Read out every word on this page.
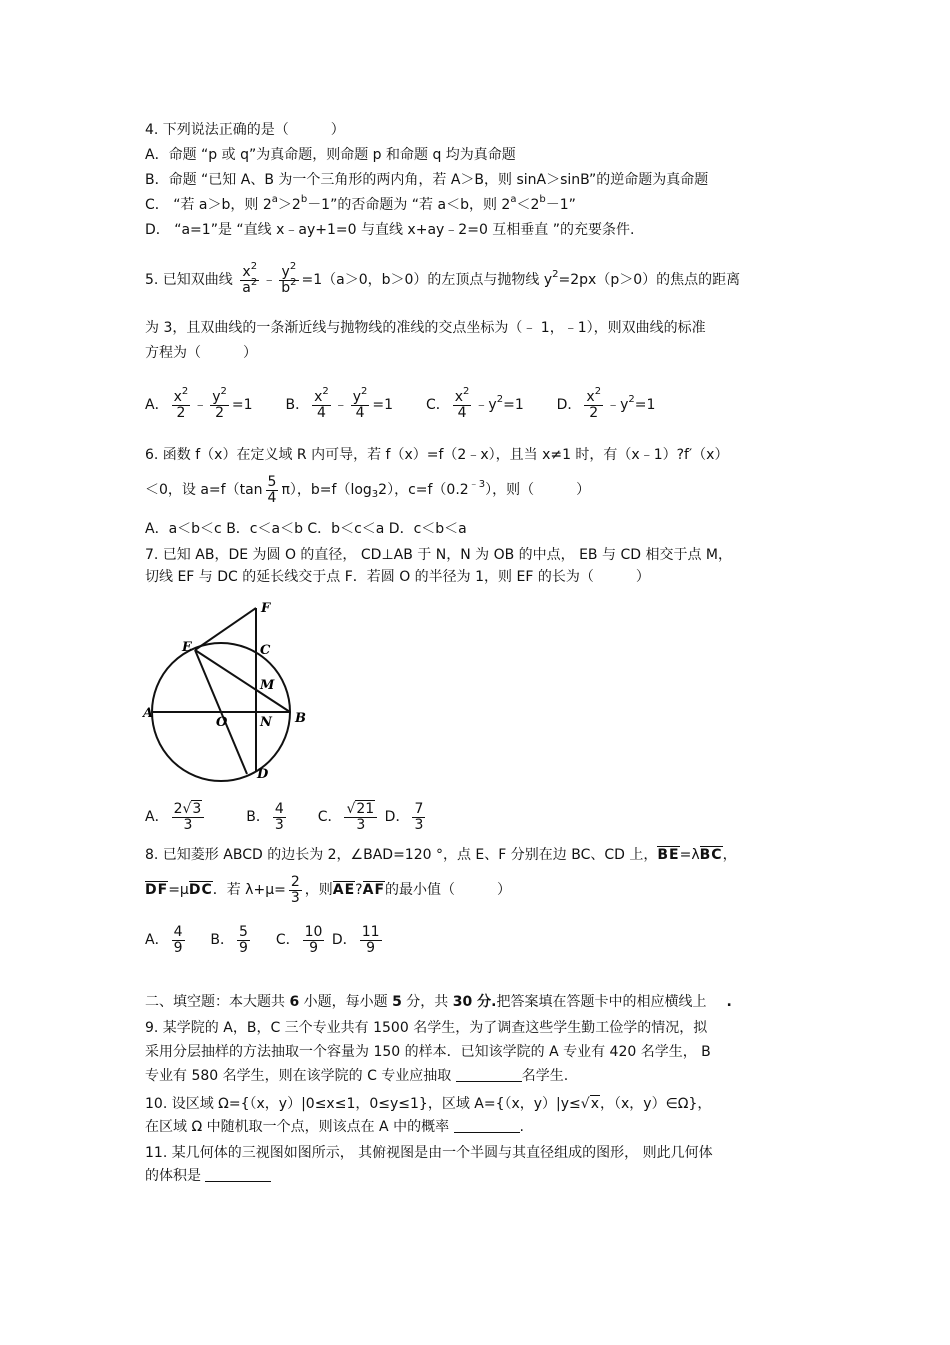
4. 下列说法正确的是（　　　）
A．命题 “p 或 q”为真命题，则命题 p 和命题 q 均为真命题
B．命题 “已知 A、B 为一个三角形的两内角，若 A＞B，则 sinA＞sinB”的逆命题为真命题
C． “若 a＞b，则 $2^a>2^b-1$”的否命题为 “若 a＜b，则 $2^a<2^b-1$”
D． “a=1”是 “直线 x﹣ay+1=0 与直线 x+ay﹣2=0 互相垂直 ”的充要条件.
5. 已知双曲线 $\frac{x^2}{a^2}$ ﹣ $\frac{y^2}{b^2} =1(a>0$，b＞0）的左顶点与抛物线 $y^2=2px(p>0)$的焦点的距离
为 3，且双曲线的一条渐近线与抛物线的准线的交点坐标为（﹣ 1，﹣1），则双曲线的标准
方程为（　　　）
A． $\frac{x^2}{2}$ ﹣ $\frac{y^2}{2} =1$ B． $\frac{x^2}{4}$ ﹣ $\frac{y^2}{4} =1$ C． $\frac{x^2}{4}$ $﹣y^2=1$ D． $\frac{x^2}{2}$ $﹣y^2=1$
6. 函数 f（x）在定义域 R 内可导，若 f（x）=f（2﹣x），且当 x≠1 时，有（x﹣1）?f′（x）
＜0，设 $a=f(\tan \frac{5}{4} \pi)$，$b=f(\log_32)$，$c=f(0.2^{﹣3})$，则（　　　）
A．a＜b＜c B．c＜a＜b C．b＜c＜a D．c＜b＜a
7. 已知 AB，DE 为圆 O 的直径， CD⊥AB 于 N，N 为 OB 的中点， EB 与 CD 相交于点 M，
切线 EF 与 DC 的延长线交于点 F．若圆 O 的半径为 1，则 EF 的长为（　　　）
F
E	C
M
A
O	N B
D
A． $\frac{2√3}{3}$	B． $\frac{4}{3}$ C． $\frac{√21}{3}$ D． $\frac{7}{3}$
8. 已知菱形 ABCD 的边长为 2，∠BAD=120 °，点 E、F 分别在边 BC、CD 上，BE=λBC，
DF=μDC．若 $\lambda+\mu= \frac{2}{3}$ ，则AE?AF的最小值（　　　）
A． $\frac{4}{9}$ B． $\frac{5}{9}$ C． $\frac{10}{9}$ D． $\frac{11}{9}$
二、填空题：本大题共 6 小题，每小题 5 分，共 30 分.把答案填在答题卡中的相应横线上 .
9. 某学院的 A，B，C 三个专业共有 1500 名学生，为了调查这些学生勤工俭学的情况，拟
采用分层抽样的方法抽取一个容量为 150 的样本．已知该学院的 A 专业有 420 名学生， B
专业有 580 名学生，则在该学院的 C 专业应抽取	名学生.
10. 设区域 Ω={（x，y）|0≤x≤1，0≤y≤1}，区域 A={（x，y）|y≤√x，（x，y）∈Ω}，
在区域 Ω 中随机取一个点，则该点在 A 中的概率	.
11. 某几何体的三视图如图所示， 其俯视图是由一个半圆与其直径组成的图形， 则此几何体
的体积是
